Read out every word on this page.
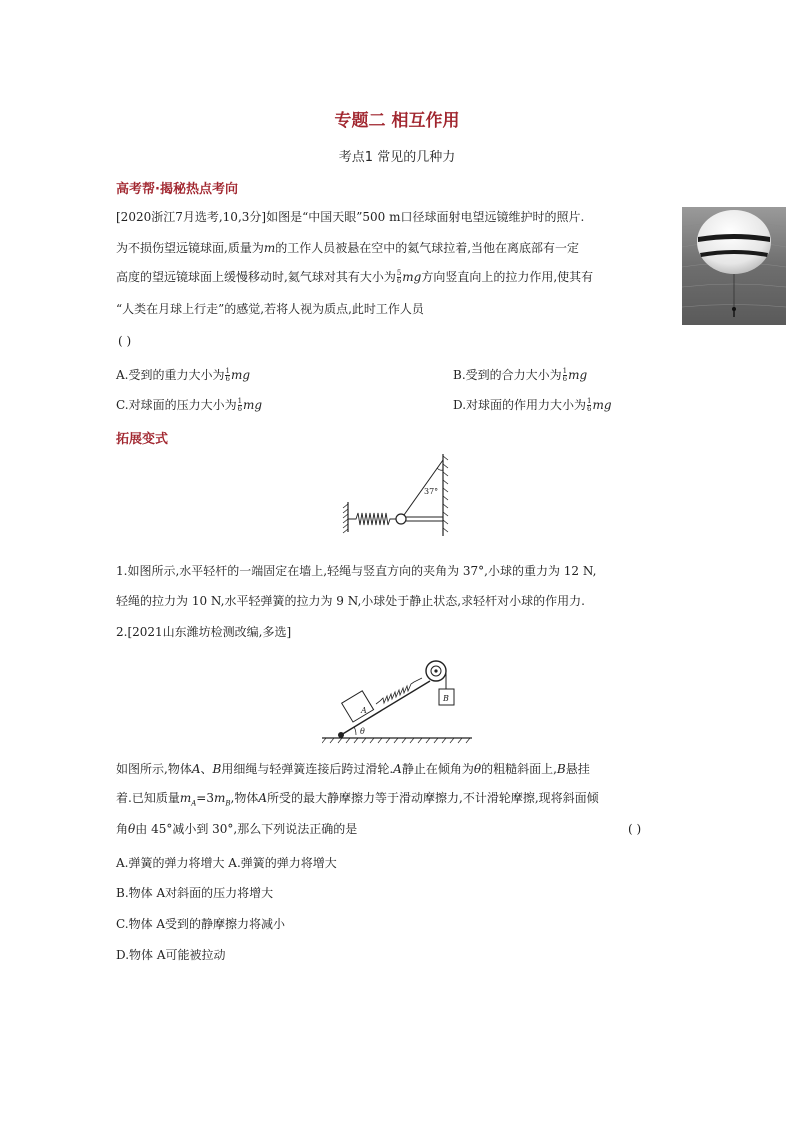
专题二 相互作用
考点1 常见的几种力
高考帮·揭秘热点考向
[2020浙江7月选考,10,3分]如图是“中国天眼”500 m口径球面射电望远镜维护时的照片.
为不损伤望远镜球面,质量为m的工作人员被悬在空中的氦气球拉着,当他在离底部有一定
高度的望远镜球面上缓慢移动时,氦气球对其有大小为 $\frac{5}{6}$ mg方向竖直向上的拉力作用,使其有
“人类在月球上行走”的感觉,若将人视为质点,此时工作人员
( )
A.受到的重力大小为 $\frac{1}{6}$ mg	B.受到的合力大小为 $\frac{1}{6}$ mg
C.对球面的压力大小为 $\frac{1}{6}$ mg	D.对球面的作用力大小为 $\frac{1}{6}$ mg
拓展变式
37°
1.如图所示,水平轻杆的一端固定在墙上,轻绳与竖直方向的夹角为 37°,小球的重力为 12 N,
轻绳的拉力为 10 N,水平轻弹簧的拉力为 9 N,小球处于静止状态,求轻杆对小球的作用力.
2.[2021山东潍坊检测改编,多选]
θ
A
B
如图所示,物体A、B用细绳与轻弹簧连接后跨过滑轮.A静止在倾角为θ的粗糙斜面上,B悬挂
着.已知质量$m_A=3m_B$,物体A所受的最大静摩擦力等于滑动摩擦力,不计滑轮摩擦,现将斜面倾
角θ由 45°减小到 30°,那么下列说法正确的是	( )
A.弹簧的弹力将增大 A.弹簧的弹力将增大
B.物体 A对斜面的压力将增大
C.物体 A受到的静摩擦力将减小
D.物体 A可能被拉动
